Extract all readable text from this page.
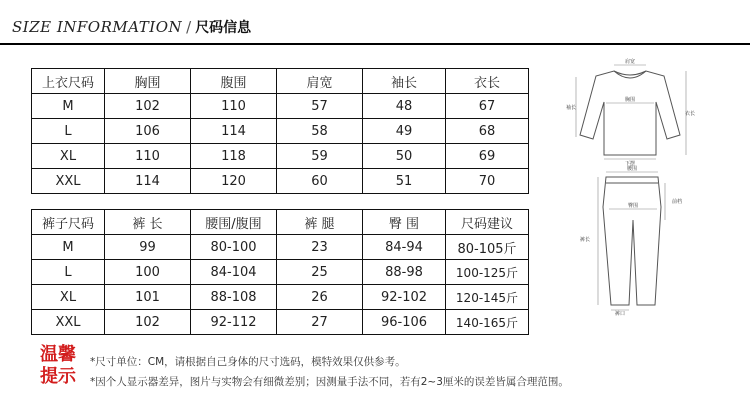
SIZE INFORMATION / 尺码信息
上衣尺码	胸围	腹围	肩宽	袖长	衣长
M	102	110	57	48	67
L	106	114	58	49	68
XL	110	118	59	50	69
XXL	114	120	60	51	70
裤子尺码	裤 长	腰围/腹围	裤 腿	臀 围	尺码建议
M	99	80-100	23	84-94	80-105斤
L	100	84-104	25	88-98	100-125斤
XL	101	88-108	26	92-102	120-145斤
XXL	102	92-112	27	96-106	140-165斤
肩宽
胸围
下摆
袖长
衣长
腰围
臀围
裤长
前档
裤口
温馨
提示
*尺寸单位：CM，请根据自己身体的尺寸选码，模特效果仅供参考。
*因个人显示器差异，图片与实物会有细微差别；因测量手法不同，若有2~3厘米的误差皆属合理范围。
